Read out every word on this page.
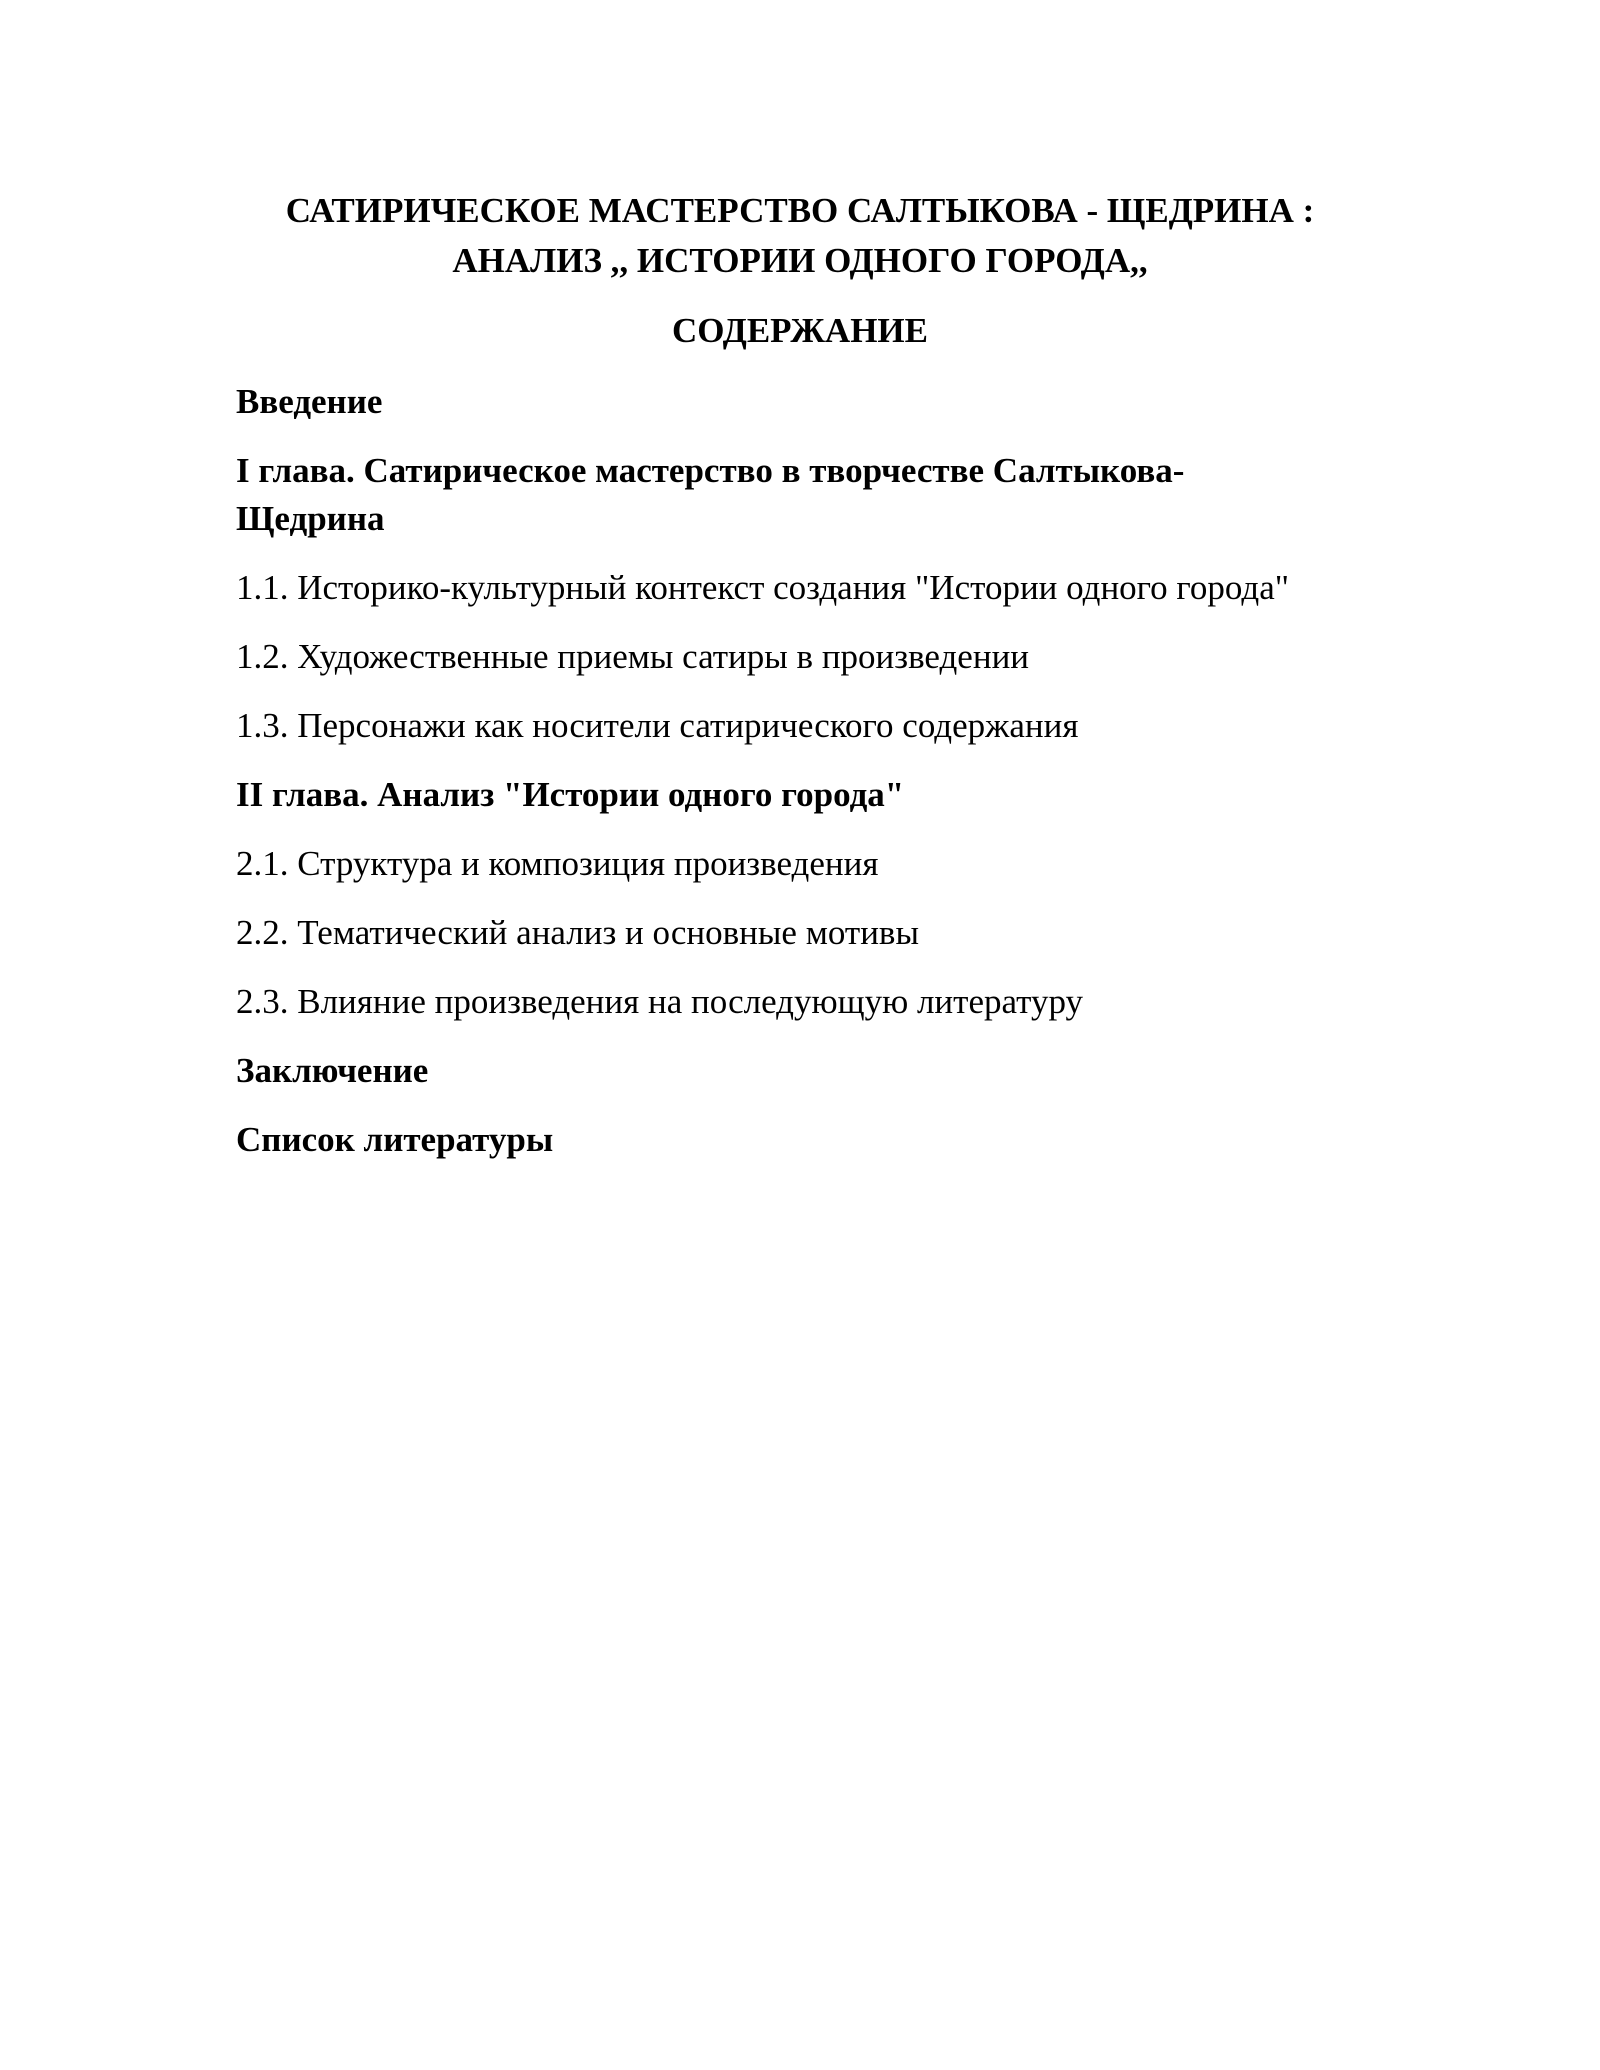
САТИРИЧЕСКОЕ МАСТЕРСТВО САЛТЫКОВА - ЩЕДРИНА :
АНАЛИЗ ,, ИСТОРИИ ОДНОГО ГОРОДА,,
СОДЕРЖАНИЕ
Введение
I глава. Сатирическое мастерство в творчестве Салтыкова-Щедрина
1.1. Историко-культурный контекст создания "Истории одного города"
1.2. Художественные приемы сатиры в произведении
1.3. Персонажи как носители сатирического содержания
II глава. Анализ "Истории одного города"
2.1. Структура и композиция произведения
2.2. Тематический анализ и основные мотивы
2.3. Влияние произведения на последующую литературу
Заключение
Список литературы
